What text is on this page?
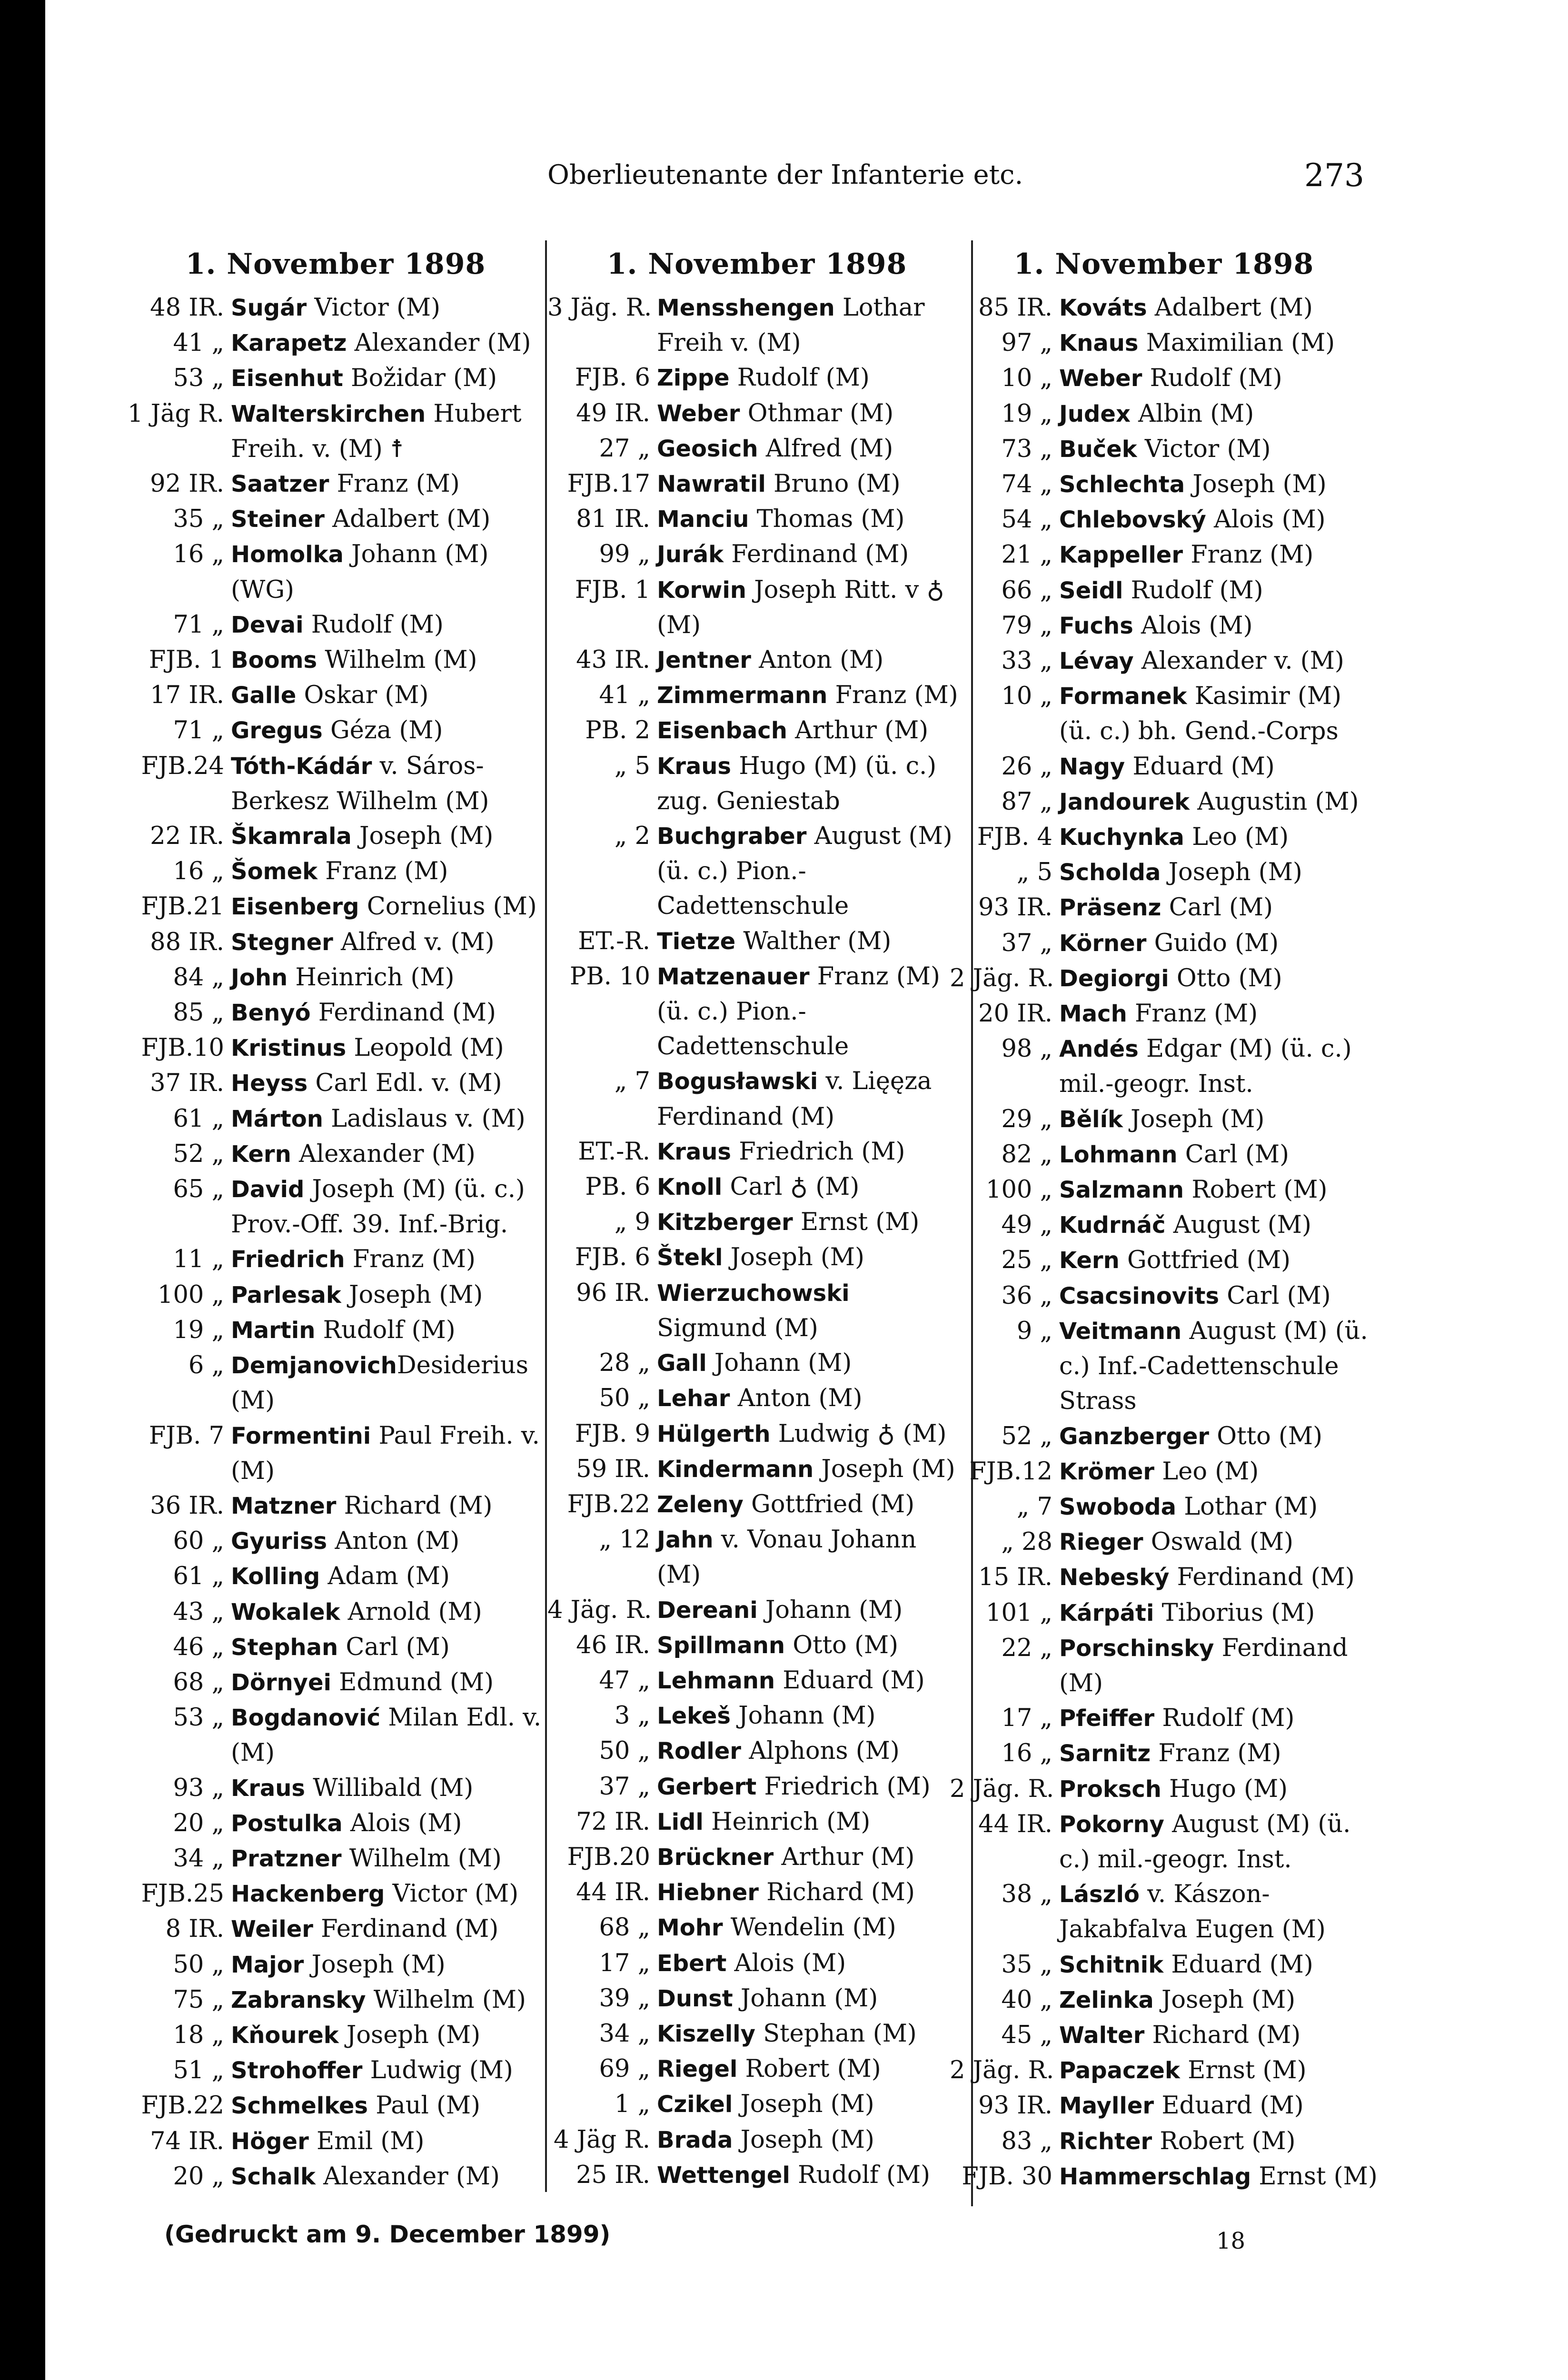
Oberlieutenante der Infanterie etc.	273
1. November 1898
48 IR. Sugár Victor (M)
41 „ Karapetz Alexander (M)
53 „ Eisenhut Božidar (M)
1 Jäg R. Walterskirchen Hubert Freih. v. (M) ☨
92 IR. Saatzer Franz (M)
35 „ Steiner Adalbert (M)
16 „ Homolka Johann (M) (WG)
71 „ Devai Rudolf (M)
FJB. 1 Booms Wilhelm (M)
17 IR. Galle Oskar (M)
71 „ Gregus Géza (M)
FJB.24 Tóth-Kádár v. Sáros-Berkesz Wilhelm (M)
22 IR. Škamrala Joseph (M)
16 „ Šomek Franz (M)
FJB.21 Eisenberg Cornelius (M)
88 IR. Stegner Alfred v. (M)
84 „ John Heinrich (M)
85 „ Benyó Ferdinand (M)
FJB.10 Kristinus Leopold (M)
37 IR. Heyss Carl Edl. v. (M)
61 „ Márton Ladislaus v. (M)
52 „ Kern Alexander (M)
65 „ David Joseph (M) (ü. c.) Prov.-Off. 39. Inf.-Brig.
11 „ Friedrich Franz (M)
100 „ Parlesak Joseph (M)
19 „ Martin Rudolf (M)
6 „ DemjanovichDesiderius (M)
FJB. 7 Formentini Paul Freih. v. (M)
36 IR. Matzner Richard (M)
60 „ Gyuriss Anton (M)
61 „ Kolling Adam (M)
43 „ Wokalek Arnold (M)
46 „ Stephan Carl (M)
68 „ Dörnyei Edmund (M)
53 „ Bogdanović Milan Edl. v. (M)
93 „ Kraus Willibald (M)
20 „ Postulka Alois (M)
34 „ Pratzner Wilhelm (M)
FJB.25 Hackenberg Victor (M)
8 IR. Weiler Ferdinand (M)
50 „ Major Joseph (M)
75 „ Zabransky Wilhelm (M)
18 „ Kňourek Joseph (M)
51 „ Strohoffer Ludwig (M)
FJB.22 Schmelkes Paul (M)
74 IR. Höger Emil (M)
20 „ Schalk Alexander (M)
1. November 1898
3 Jäg. R. Mensshengen Lothar Freih v. (M)
FJB. 6 Zippe Rudolf (M)
49 IR. Weber Othmar (M)
27 „ Geosich Alfred (M)
FJB.17 Nawratil Bruno (M)
81 IR. Manciu Thomas (M)
99 „ Jurák Ferdinand (M)
FJB. 1 Korwin Joseph Ritt. v ♁ (M)
43 IR. Jentner Anton (M)
41 „ Zimmermann Franz (M)
PB. 2 Eisenbach Arthur (M)
„ 5 Kraus Hugo (M) (ü. c.) zug. Geniestab
„ 2 Buchgraber August (M) (ü. c.) Pion.-Cadettenschule
ET.-R. Tietze Walther (M)
PB. 10 Matzenauer Franz (M) (ü. c.) Pion.-Cadettenschule
„ 7 Bogusławski v. Lięęza Ferdinand (M)
ET.-R. Kraus Friedrich (M)
PB. 6 Knoll Carl ♁ (M)
„ 9 Kitzberger Ernst (M)
FJB. 6 Štekl Joseph (M)
96 IR. Wierzuchowski Sigmund (M)
28 „ Gall Johann (M)
50 „ Lehar Anton (M)
FJB. 9 Hülgerth Ludwig ♁ (M)
59 IR. Kindermann Joseph (M)
FJB.22 Zeleny Gottfried (M)
„ 12 Jahn v. Vonau Johann (M)
4 Jäg. R. Dereani Johann (M)
46 IR. Spillmann Otto (M)
47 „ Lehmann Eduard (M)
3 „ Lekeš Johann (M)
50 „ Rodler Alphons (M)
37 „ Gerbert Friedrich (M)
72 IR. Lidl Heinrich (M)
FJB.20 Brückner Arthur (M)
44 IR. Hiebner Richard (M)
68 „ Mohr Wendelin (M)
17 „ Ebert Alois (M)
39 „ Dunst Johann (M)
34 „ Kiszelly Stephan (M)
69 „ Riegel Robert (M)
1 „ Czikel Joseph (M)
4 Jäg R. Brada Joseph (M)
25 IR. Wettengel Rudolf (M)
1. November 1898
85 IR. Kováts Adalbert (M)
97 „ Knaus Maximilian (M)
10 „ Weber Rudolf (M)
19 „ Judex Albin (M)
73 „ Buček Victor (M)
74 „ Schlechta Joseph (M)
54 „ Chlebovský Alois (M)
21 „ Kappeller Franz (M)
66 „ Seidl Rudolf (M)
79 „ Fuchs Alois (M)
33 „ Lévay Alexander v. (M)
10 „ Formanek Kasimir (M) (ü. c.) bh. Gend.-Corps
26 „ Nagy Eduard (M)
87 „ Jandourek Augustin (M)
FJB. 4 Kuchynka Leo (M)
„ 5 Scholda Joseph (M)
93 IR. Präsenz Carl (M)
37 „ Körner Guido (M)
2 Jäg. R. Degiorgi Otto (M)
20 IR. Mach Franz (M)
98 „ Andés Edgar (M) (ü. c.) mil.-geogr. Inst.
29 „ Bělík Joseph (M)
82 „ Lohmann Carl (M)
100 „ Salzmann Robert (M)
49 „ Kudrnáč August (M)
25 „ Kern Gottfried (M)
36 „ Csacsinovits Carl (M)
9 „ Veitmann August (M) (ü. c.) Inf.-Cadettenschule Strass
52 „ Ganzberger Otto (M)
FJB.12 Krömer Leo (M)
„ 7 Swoboda Lothar (M)
„ 28 Rieger Oswald (M)
15 IR. Nebeský Ferdinand (M)
101 „ Kárpáti Tiborius (M)
22 „ Porschinsky Ferdinand (M)
17 „ Pfeiffer Rudolf (M)
16 „ Sarnitz Franz (M)
2 Jäg. R. Proksch Hugo (M)
44 IR. Pokorny August (M) (ü. c.) mil.-geogr. Inst.
38 „ László v. Kászon-Jakabfalva Eugen (M)
35 „ Schitnik Eduard (M)
40 „ Zelinka Joseph (M)
45 „ Walter Richard (M)
2 Jäg. R. Papaczek Ernst (M)
93 IR. Mayller Eduard (M)
83 „ Richter Robert (M)
FJB. 30 Hammerschlag Ernst (M)
(Gedruckt am 9. December 1899)	18
